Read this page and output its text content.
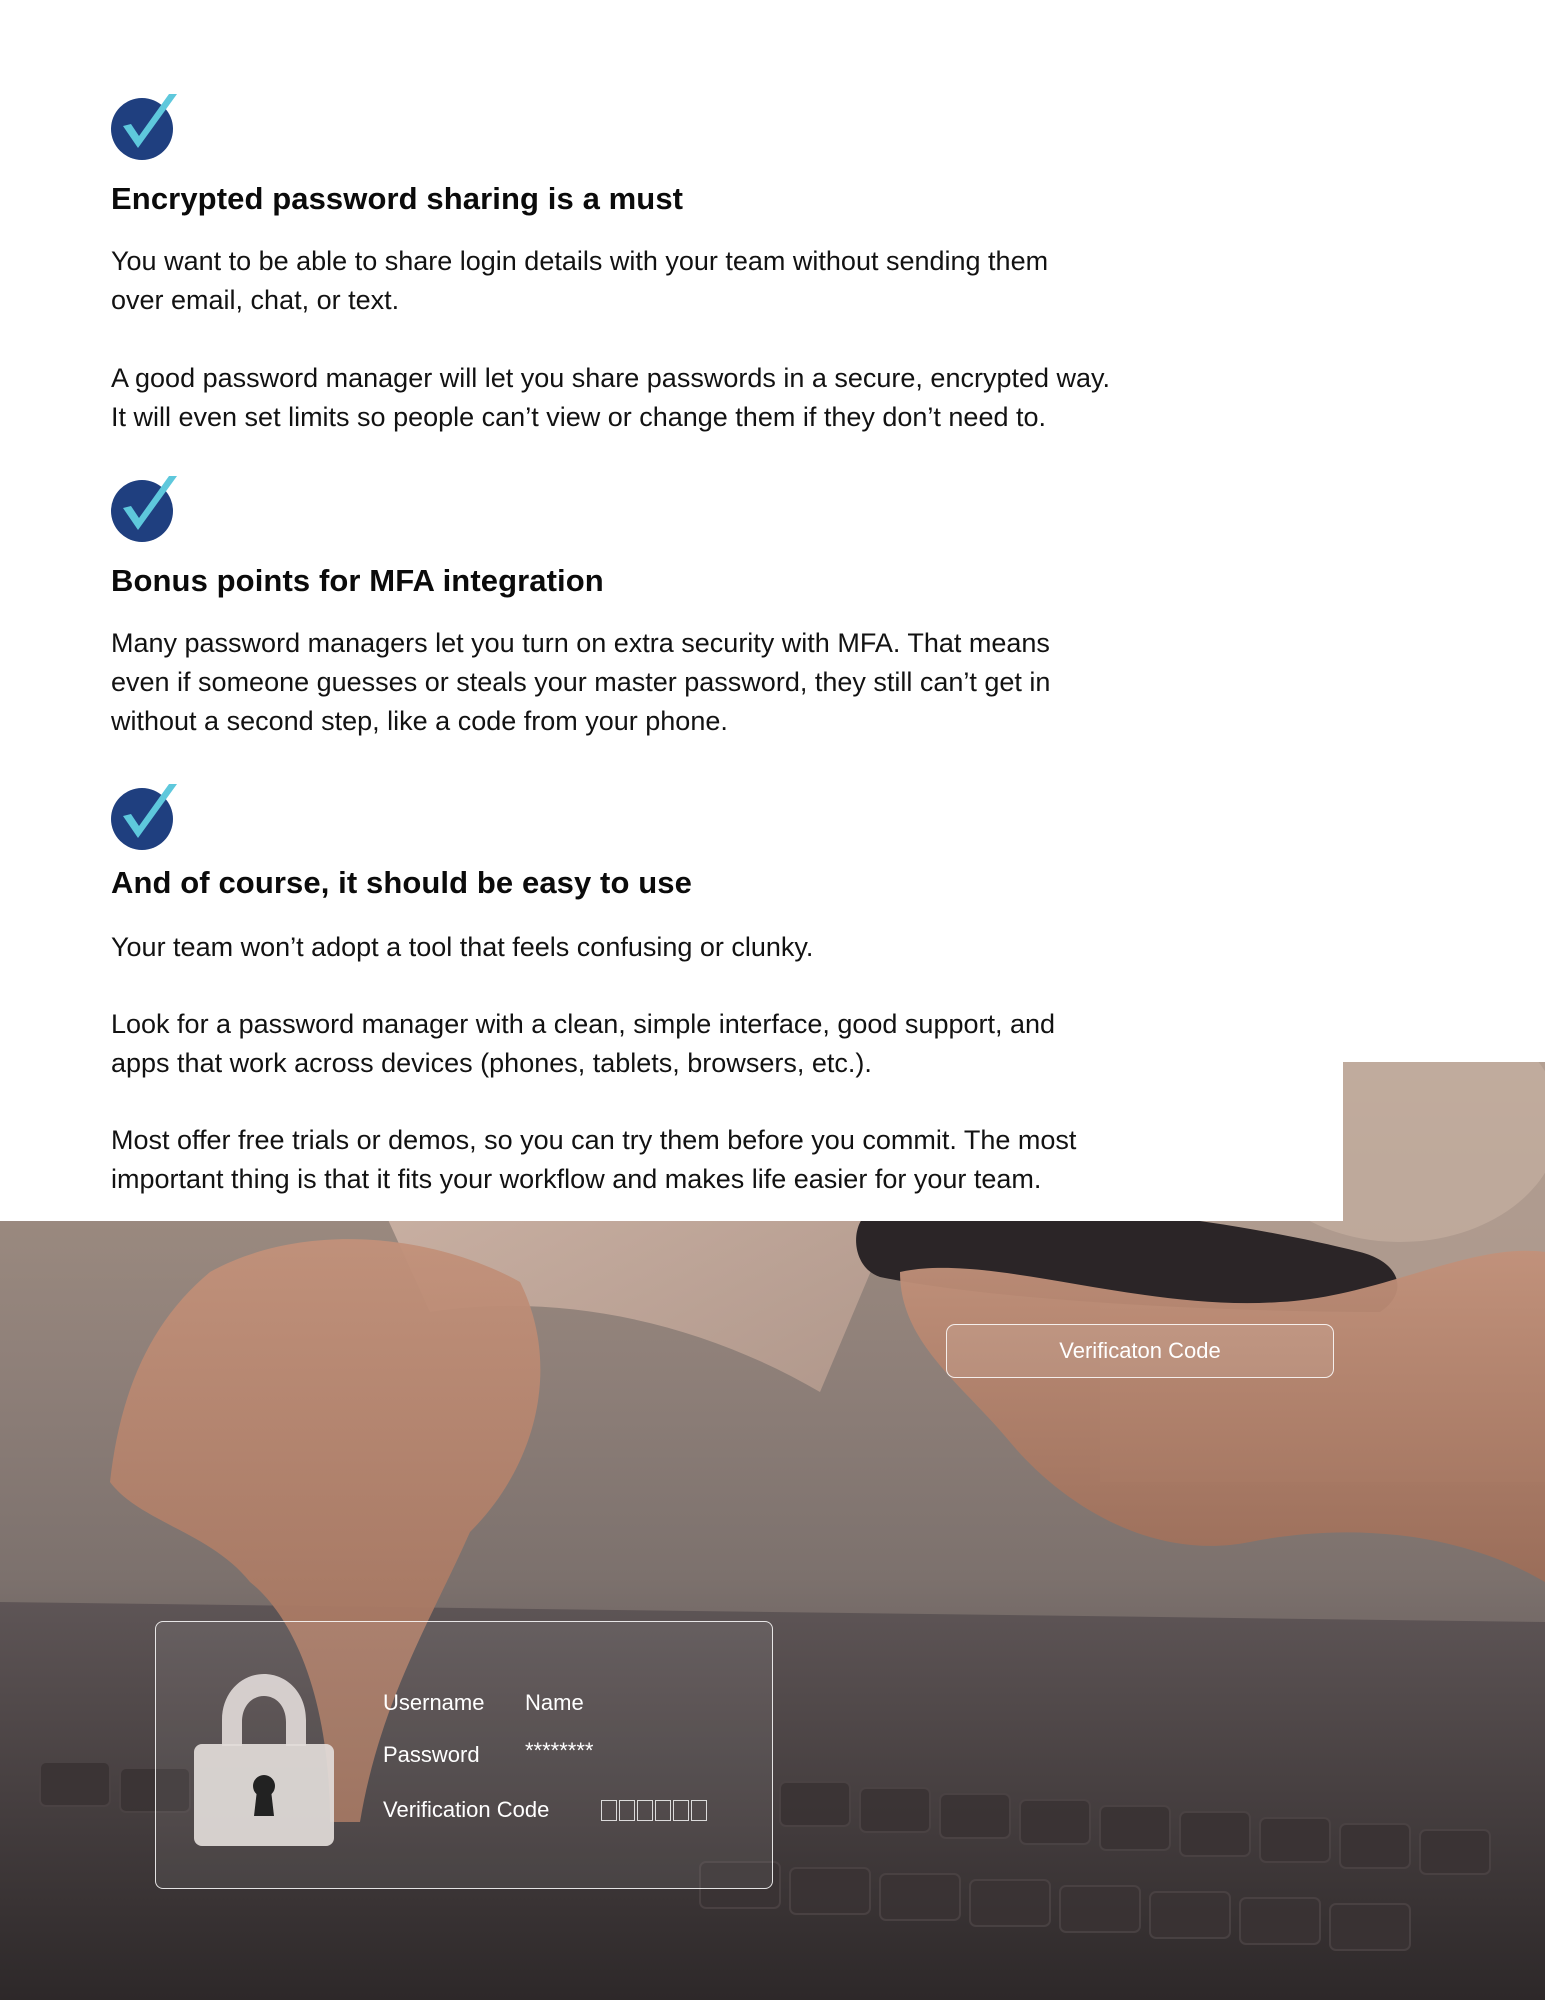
Encrypted password sharing is a must

You want to be able to share login details with your team without sending them
over email, chat, or text.

A good password manager will let you share passwords in a secure, encrypted way.
It will even set limits so people can’t view or change them if they don’t need to.

Bonus points for MFA integration

Many password managers let you turn on extra security with MFA. That means
even if someone guesses or steals your master password, they still can’t get in
without a second step, like a code from your phone.

And of course, it should be easy to use

Your team won’t adopt a tool that feels confusing or clunky.

Look for a password manager with a clean, simple interface, good support, and
apps that work across devices (phones, tablets, browsers, etc.).

Most offer free trials or demos, so you can try them before you commit. The most
important thing is that it fits your workflow and makes life easier for your team.

Verificaton Code
Username Name
Password ********
Verification Code
